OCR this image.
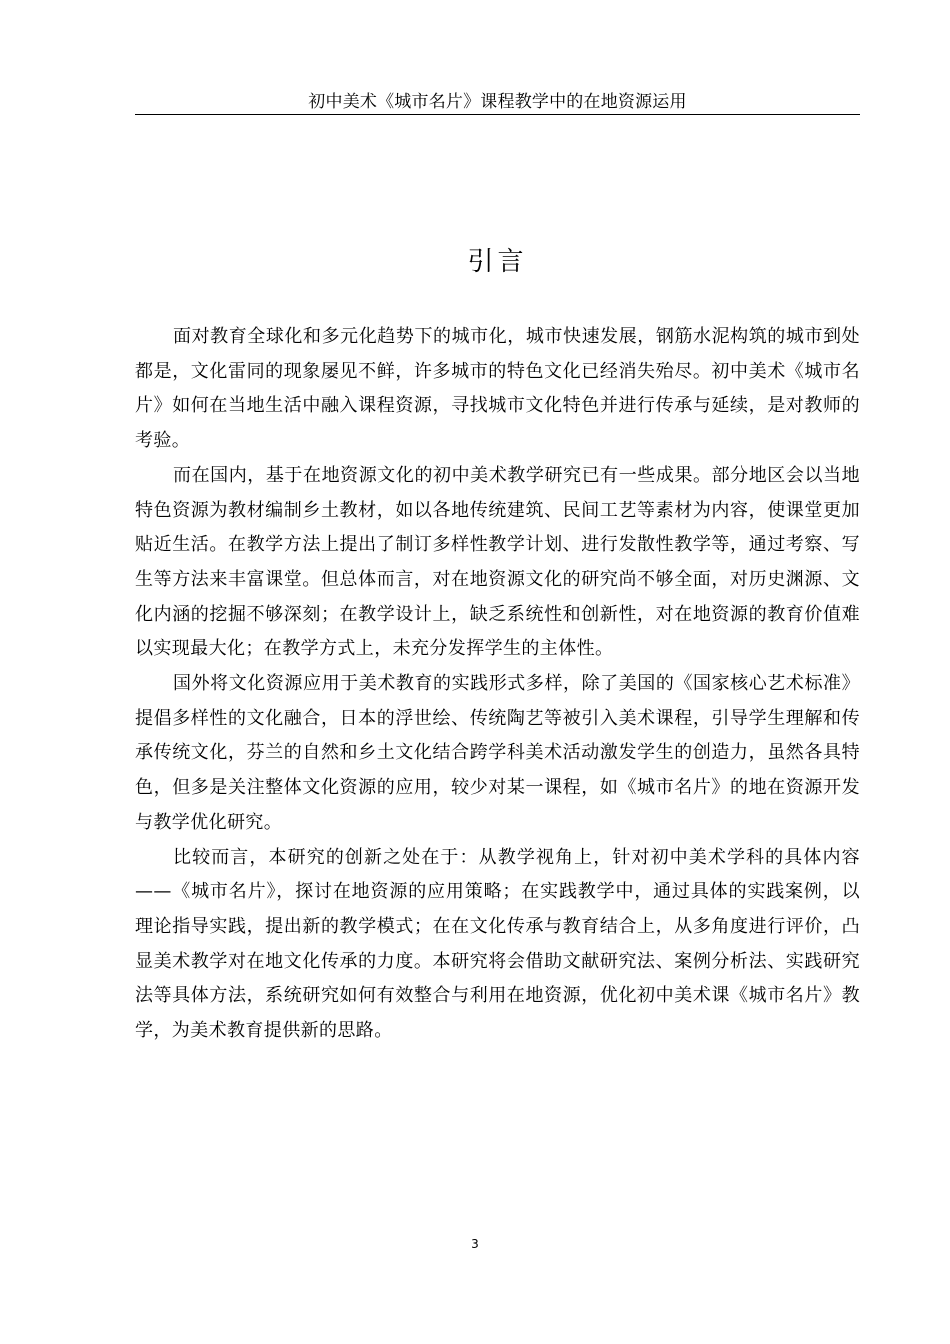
初中美术《城市名片》课程教学中的在地资源运用
引言

面对教育全球化和多元化趋势下的城市化，城市快速发展，钢筋水泥构筑的城市到处都是，文化雷同的现象屡见不鲜，许多城市的特色文化已经消失殆尽。初中美术《城市名片》如何在当地生活中融入课程资源，寻找城市文化特色并进行传承与延续，是对教师的考验。

而在国内，基于在地资源文化的初中美术教学研究已有一些成果。部分地区会以当地特色资源为教材编制乡土教材，如以各地传统建筑、民间工艺等素材为内容，使课堂更加贴近生活。在教学方法上提出了制订多样性教学计划、进行发散性教学等，通过考察、写生等方法来丰富课堂。但总体而言，对在地资源文化的研究尚不够全面，对历史渊源、文化内涵的挖掘不够深刻；在教学设计上，缺乏系统性和创新性，对在地资源的教育价值难以实现最大化；在教学方式上，未充分发挥学生的主体性。

国外将文化资源应用于美术教育的实践形式多样，除了美国的《国家核心艺术标准》提倡多样性的文化融合，日本的浮世绘、传统陶艺等被引入美术课程，引导学生理解和传承传统文化，芬兰的自然和乡土文化结合跨学科美术活动激发学生的创造力，虽然各具特色，但多是关注整体文化资源的应用，较少对某一课程，如《城市名片》的地在资源开发与教学优化研究。

比较而言，本研究的创新之处在于：从教学视角上，针对初中美术学科的具体内容——《城市名片》，探讨在地资源的应用策略；在实践教学中，通过具体的实践案例，以理论指导实践，提出新的教学模式；在在文化传承与教育结合上，从多角度进行评价，凸显美术教学对在地文化传承的力度。本研究将会借助文献研究法、案例分析法、实践研究法等具体方法，系统研究如何有效整合与利用在地资源，优化初中美术课《城市名片》教学，为美术教育提供新的思路。

3
